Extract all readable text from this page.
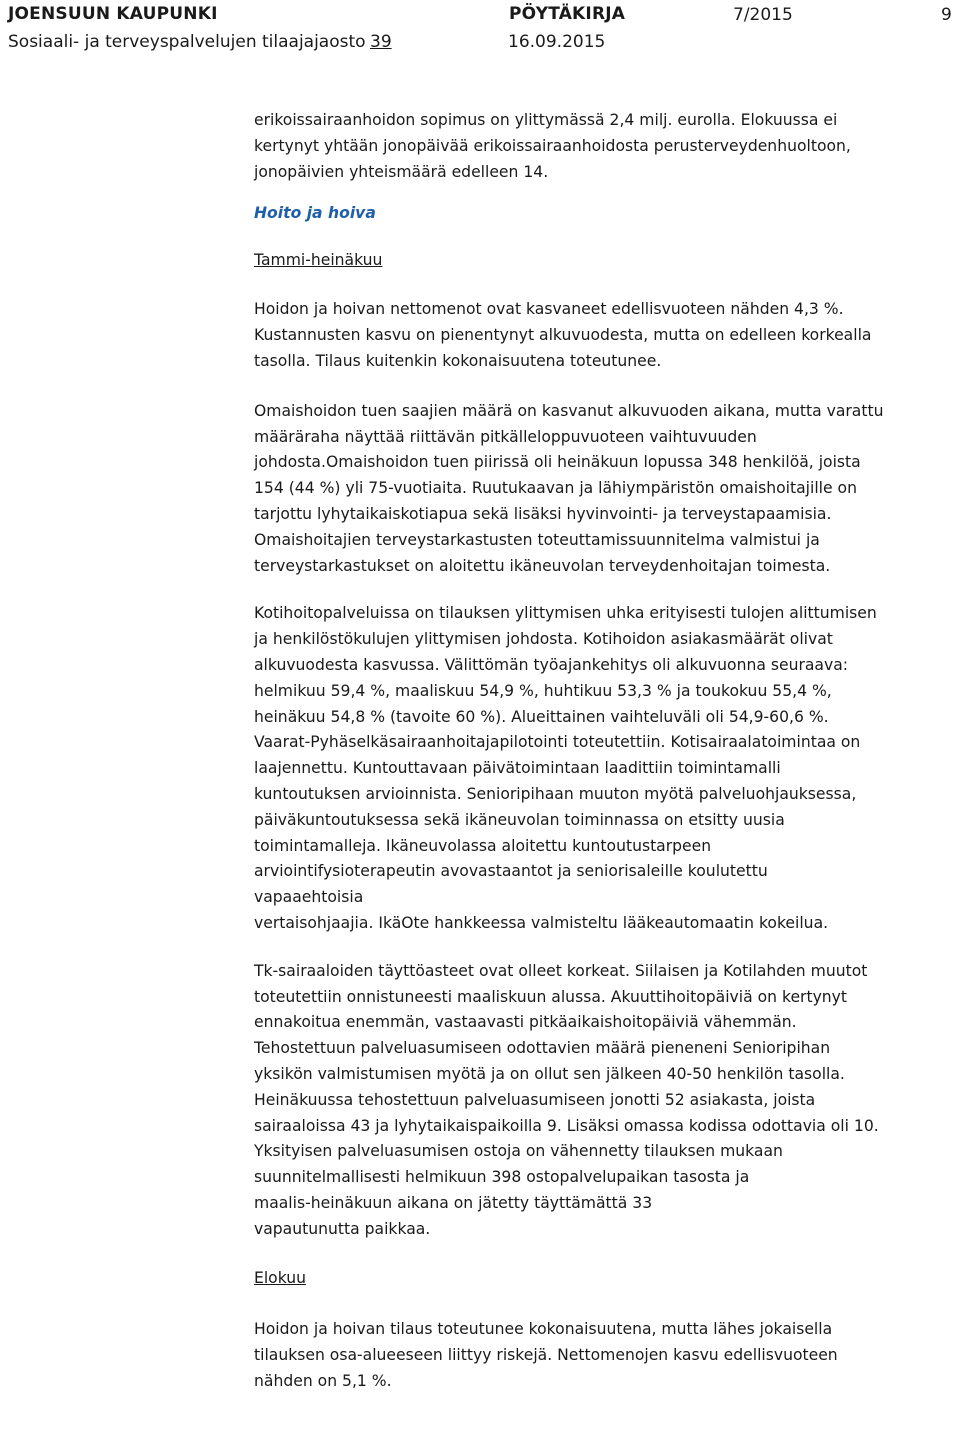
JOENSUUN KAUPUNKI	PÖYTÄKIRJA	7/2015	9
Sosiaali- ja terveyspalvelujen tilaajajaosto 39	16.09.2015

erikoissairaanhoidon sopimus on ylittymässä 2,4 milj. eurolla. Elokuussa ei
kertynyt yhtään jonopäivää erikoissairaanhoidosta perusterveydenhuoltoon,
jonopäivien yhteismäärä edelleen 14.

Hoito ja hoiva

Tammi-heinäkuu

Hoidon ja hoivan nettomenot ovat kasvaneet edellisvuoteen nähden 4,3 %.
Kustannusten kasvu on pienentynyt alkuvuodesta, mutta on edelleen korkealla
tasolla. Tilaus kuitenkin kokonaisuutena toteutunee.

Omaishoidon tuen saajien määrä on kasvanut alkuvuoden aikana, mutta varattu
määräraha näyttää riittävän pitkälleloppuvuoteen vaihtuvuuden
johdosta.Omaishoidon tuen piirissä oli heinäkuun lopussa 348 henkilöä, joista
154 (44 %) yli 75-vuotiaita. Ruutukaavan ja lähiympäristön omaishoitajille on
tarjottu lyhytaikaiskotiapua sekä lisäksi hyvinvointi- ja terveystapaamisia.
Omaishoitajien terveystarkastusten toteuttamissuunnitelma valmistui ja
terveystarkastukset on aloitettu ikäneuvolan terveydenhoitajan toimesta.

Kotihoitopalveluissa on tilauksen ylittymisen uhka erityisesti tulojen alittumisen
ja henkilöstökulujen ylittymisen johdosta. Kotihoidon asiakasmäärät olivat
alkuvuodesta kasvussa. Välittömän työajankehitys oli alkuvuonna seuraava:
helmikuu 59,4 %, maaliskuu 54,9 %, huhtikuu 53,3 % ja toukokuu 55,4 %,
heinäkuu 54,8 % (tavoite 60 %). Alueittainen vaihteluväli oli 54,9-60,6 %.
Vaarat-Pyhäselkäsairaanhoitajapilotointi toteutettiin. Kotisairaalatoimintaa on
laajennettu. Kuntouttavaan päivätoimintaan laadittiin toimintamalli
kuntoutuksen arvioinnista. Senioripihaan muuton myötä palveluohjauksessa,
päiväkuntoutuksessa sekä ikäneuvolan toiminnassa on etsitty uusia
toimintamalleja. Ikäneuvolassa aloitettu kuntoutustarpeen
arviointifysioterapeutin avovastaantot ja seniorisaleille koulutettu
vapaaehtoisia
vertaisohjaajia. IkäOte hankkeessa valmisteltu lääkeautomaatin kokeilua.

Tk-sairaaloiden täyttöasteet ovat olleet korkeat. Siilaisen ja Kotilahden muutot
toteutettiin onnistuneesti maaliskuun alussa. Akuuttihoitopäiviä on kertynyt
ennakoitua enemmän, vastaavasti pitkäaikaishoitopäiviä vähemmän.
Tehostettuun palveluasumiseen odottavien määrä pieneneni Senioripihan
yksikön valmistumisen myötä ja on ollut sen jälkeen 40-50 henkilön tasolla.
Heinäkuussa tehostettuun palveluasumiseen jonotti 52 asiakasta, joista
sairaaloissa 43 ja lyhytaikaispaikoilla 9. Lisäksi omassa kodissa odottavia oli 10.
Yksityisen palveluasumisen ostoja on vähennetty tilauksen mukaan
suunnitelmallisesti helmikuun 398 ostopalvelupaikan tasosta ja
maalis-heinäkuun aikana on jätetty täyttämättä 33
vapautunutta paikkaa.

Elokuu

Hoidon ja hoivan tilaus toteutunee kokonaisuutena, mutta lähes jokaisella
tilauksen osa-alueeseen liittyy riskejä. Nettomenojen kasvu edellisvuoteen
nähden on 5,1 %.
